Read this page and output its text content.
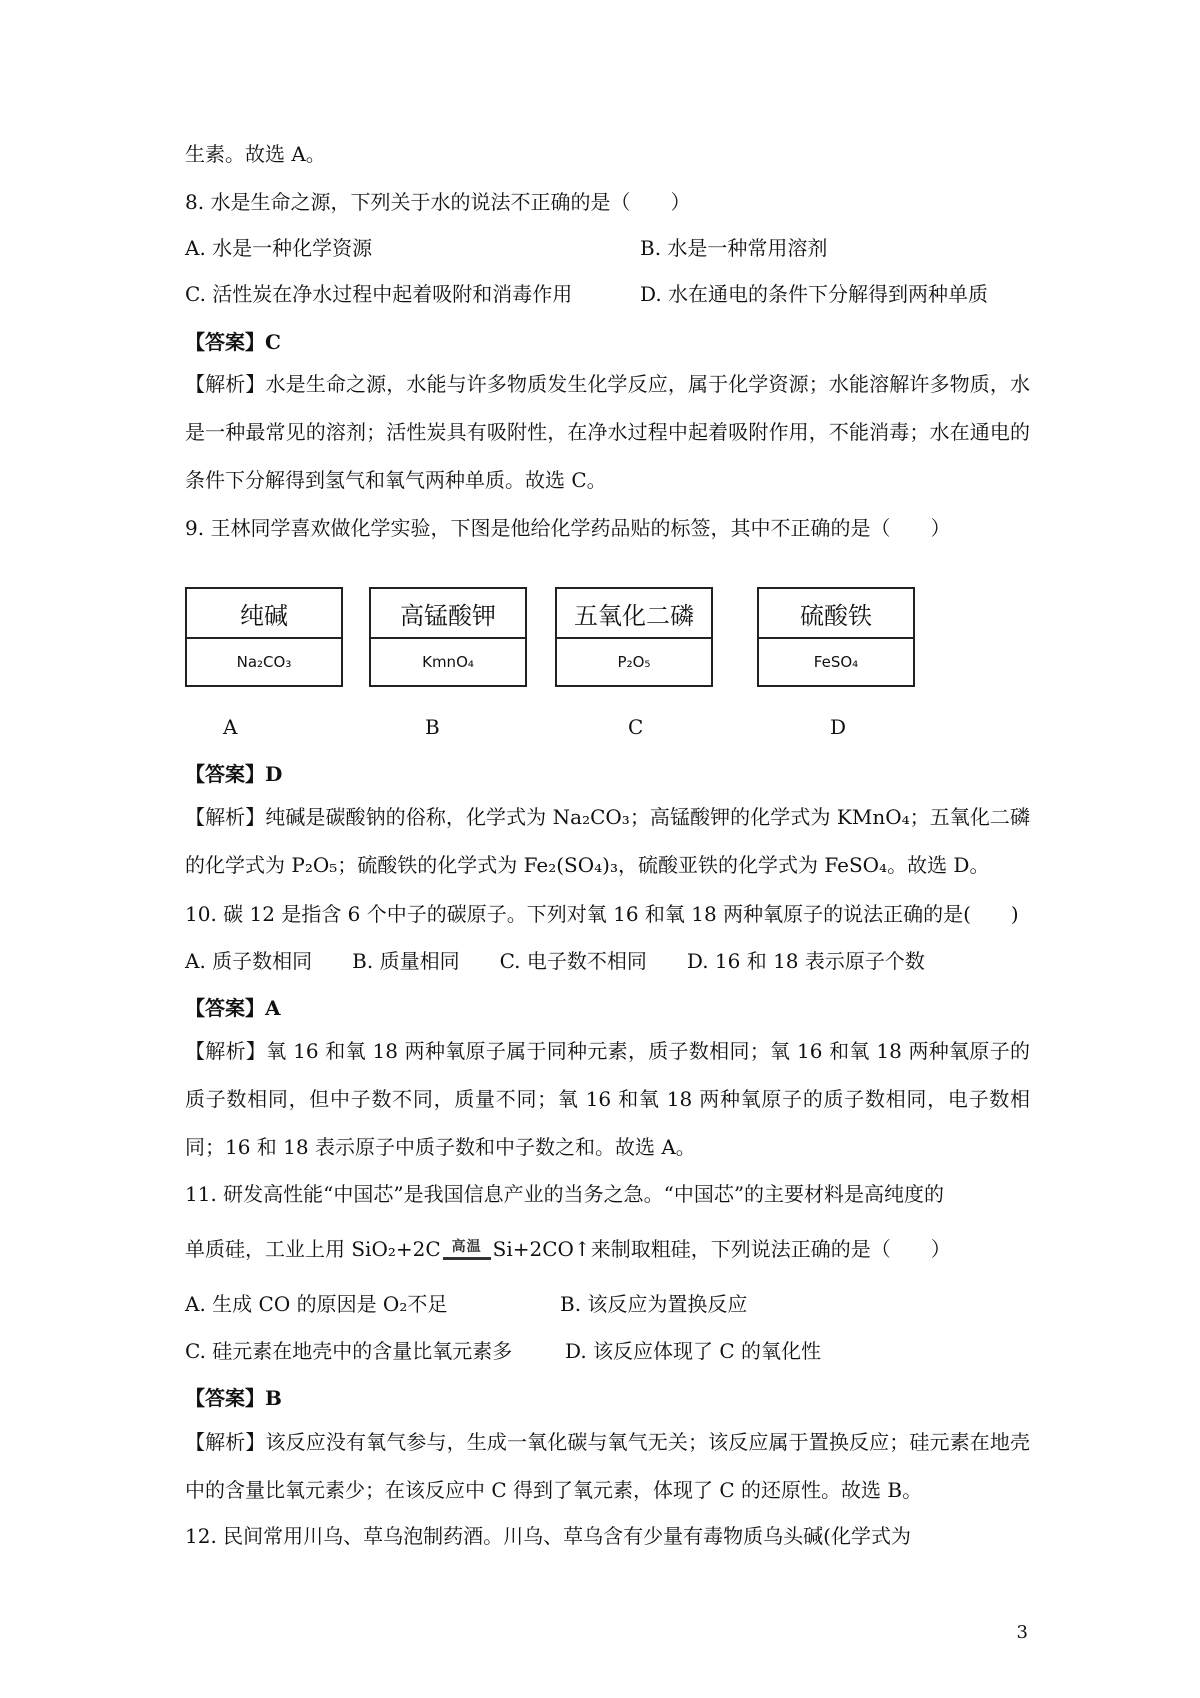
生素。故选 A。
8. 水是生命之源，下列关于水的说法不正确的是（　　）
A. 水是一种化学资源	B. 水是一种常用溶剂
C. 活性炭在净水过程中起着吸附和消毒作用	D. 水在通电的条件下分解得到两种单质
【答案】C
【解析】水是生命之源，水能与许多物质发生化学反应，属于化学资源；水能溶解许多物质，水是一种最常见的溶剂；活性炭具有吸附性，在净水过程中起着吸附作用，不能消毒；水在通电的条件下分解得到氢气和氧气两种单质。故选 C。
9. 王林同学喜欢做化学实验，下图是他给化学药品贴的标签，其中不正确的是（　　）
纯碱
Na₂CO₃
高锰酸钾
KmnO₄
五氧化二磷
P₂O₅
硫酸铁
FeSO₄
A	B	C	D
【答案】D
【解析】纯碱是碳酸钠的俗称，化学式为 Na₂CO₃；高锰酸钾的化学式为 KMnO₄；五氧化二磷的化学式为 P₂O₅；硫酸铁的化学式为 Fe₂(SO₄)₃，硫酸亚铁的化学式为 FeSO₄。故选 D。
10. 碳 12 是指含 6 个中子的碳原子。下列对氧 16 和氧 18 两种氧原子的说法正确的是(　　)
A. 质子数相同　　B. 质量相同　　C. 电子数不相同　　D. 16 和 18 表示原子个数
【答案】A
【解析】氧 16 和氧 18 两种氧原子属于同种元素，质子数相同；氧 16 和氧 18 两种氧原子的质子数相同，但中子数不同，质量不同；氧 16 和氧 18 两种氧原子的质子数相同，电子数相同；16 和 18 表示原子中质子数和中子数之和。故选 A。
11. 研发高性能“中国芯”是我国信息产业的当务之急。“中国芯”的主要材料是高纯度的
单质硅，工业上用 SiO₂+2C 高温 Si+2CO↑来制取粗硅，下列说法正确的是（　　）
A. 生成 CO 的原因是 O₂不足	B. 该反应为置换反应
C. 硅元素在地壳中的含量比氧元素多	D. 该反应体现了 C 的氧化性
【答案】B
【解析】该反应没有氧气参与，生成一氧化碳与氧气无关；该反应属于置换反应；硅元素在地壳中的含量比氧元素少；在该反应中 C 得到了氧元素，体现了 C 的还原性。故选 B。
12. 民间常用川乌、草乌泡制药酒。川乌、草乌含有少量有毒物质乌头碱(化学式为
3
